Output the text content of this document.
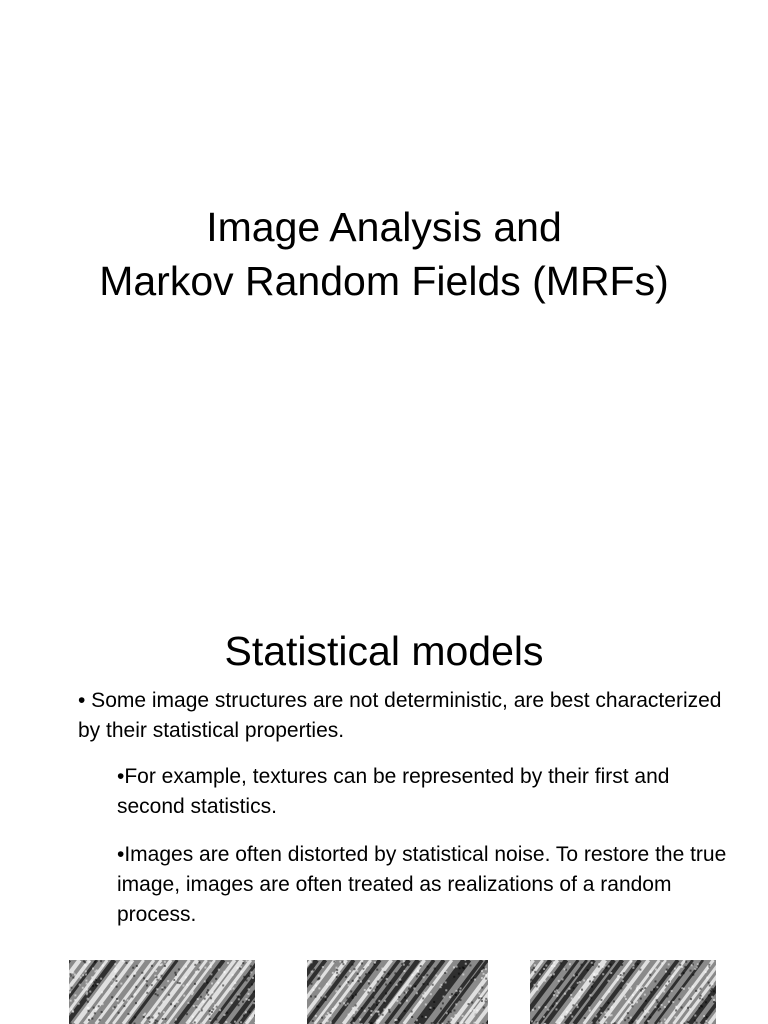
Image Analysis and
Markov Random Fields (MRFs)
Statistical models
• Some image structures are not deterministic, are best characterized by their statistical properties.
•For example, textures can be represented by their first and second statistics.
•Images are often distorted by statistical noise. To restore the true image, images are often treated as realizations of a random process.
